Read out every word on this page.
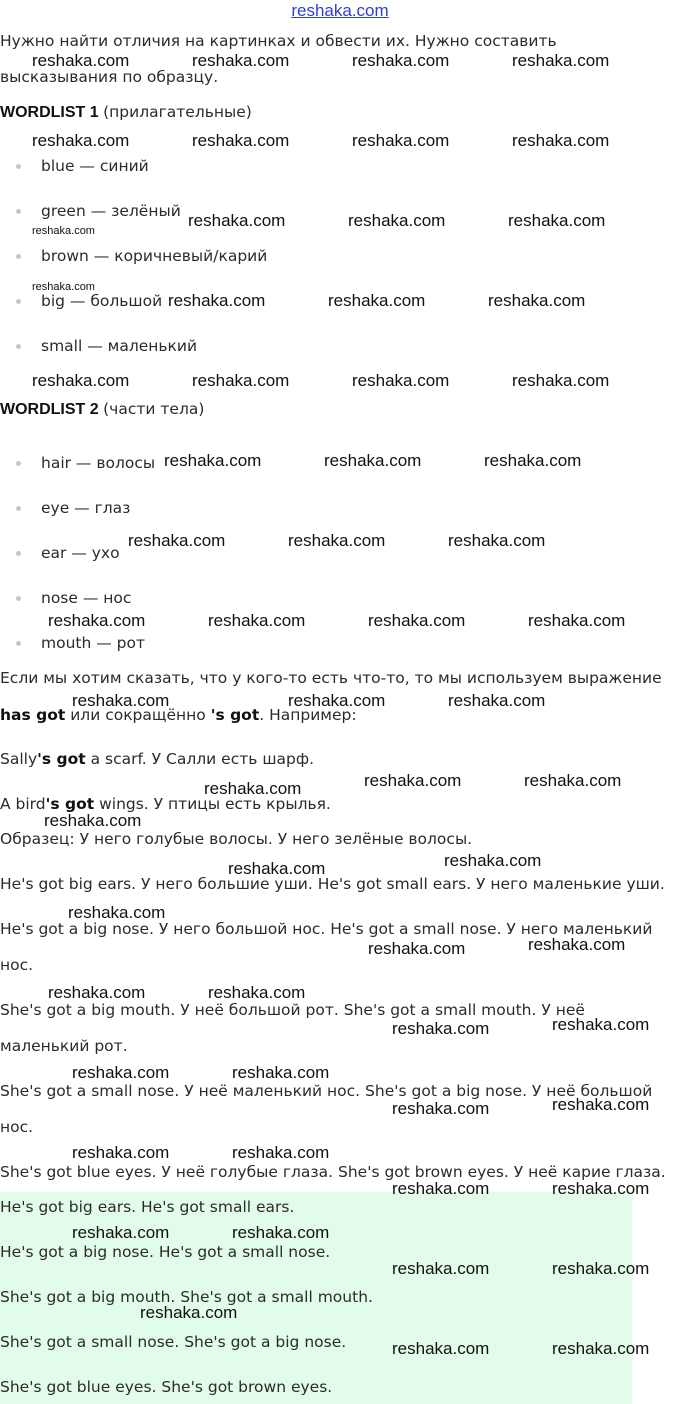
reshaka.com
Нужно найти отличия на картинках и обвести их. Нужно составить
высказывания по образцу.
WORDLIST 1 (прилагательные)
blue — синий
green — зелёный
brown — коричневый/карий
big — большой
small — маленький
WORDLIST 2 (части тела)
hair — волосы
eye — глаз
ear — ухо
nose — нос
mouth — рот
Если мы хотим сказать, что у кого-то есть что-то, то мы используем выражение
has got или сокращённо 's got. Например:
Sally's got a scarf. У Салли есть шарф.
A bird's got wings. У птицы есть крылья.
Образец: У него голубые волосы. У него зелёные волосы.
He's got big ears. У него большие уши. He's got small ears. У него маленькие уши.
He's got a big nose. У него большой нос. He's got a small nose. У него маленький
нос.
She's got a big mouth. У неё большой рот. She's got a small mouth. У неё
маленький рот.
She's got a small nose. У неё маленький нос. She's got a big nose. У неё большой
нос.
She's got blue eyes. У неё голубые глаза. She's got brown eyes. У неё карие глаза.
He's got big ears. He's got small ears.
He's got a big nose. He's got a small nose.
She's got a big mouth. She's got a small mouth.
She's got a small nose. She's got a big nose.
She's got blue eyes. She's got brown eyes.
reshaka.com	reshaka.com	reshaka.com	reshaka.com
reshaka.com	reshaka.com	reshaka.com	reshaka.com
reshaka.com	reshaka.com	reshaka.com
reshaka.com
reshaka.com
reshaka.com	reshaka.com	reshaka.com
reshaka.com	reshaka.com	reshaka.com	reshaka.com
reshaka.com	reshaka.com	reshaka.com
reshaka.com	reshaka.com	reshaka.com
reshaka.com	reshaka.com	reshaka.com	reshaka.com
reshaka.com	reshaka.com	reshaka.com
reshaka.com	reshaka.com
reshaka.com
reshaka.com
reshaka.com
reshaka.com
reshaka.com
reshaka.com
reshaka.com
reshaka.com	reshaka.com
reshaka.com
reshaka.com
reshaka.com	reshaka.com
reshaka.com
reshaka.com
reshaka.com	reshaka.com
reshaka.com	reshaka.com
reshaka.com	reshaka.com
reshaka.com	reshaka.com
reshaka.com
reshaka.com	reshaka.com
